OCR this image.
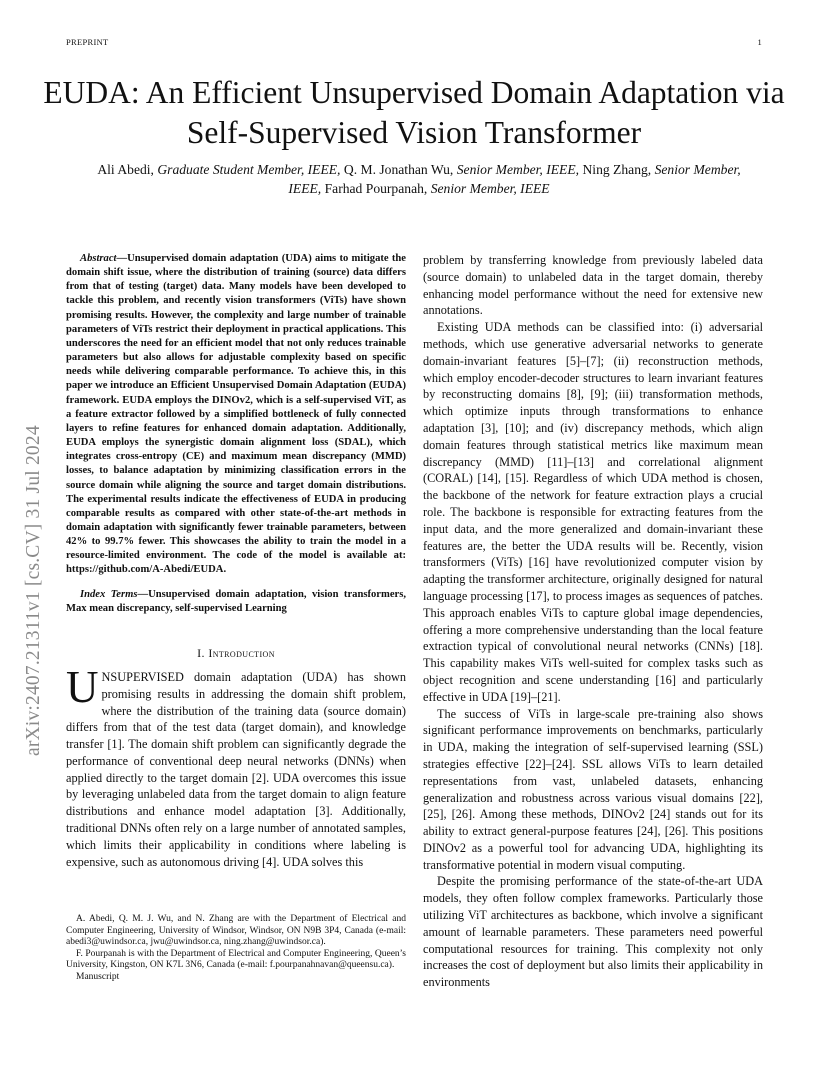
PREPRINT	1
arXiv:2407.21311v1 [cs.CV] 31 Jul 2024
EUDA: An Efficient Unsupervised Domain Adaptation via Self-Supervised Vision Transformer
Ali Abedi, Graduate Student Member, IEEE, Q. M. Jonathan Wu, Senior Member, IEEE, Ning Zhang, Senior Member, IEEE, Farhad Pourpanah, Senior Member, IEEE

Abstract—Unsupervised domain adaptation (UDA) aims to mitigate the domain shift issue, where the distribution of training (source) data differs from that of testing (target) data. Many models have been developed to tackle this problem, and recently vision transformers (ViTs) have shown promising results. However, the complexity and large number of trainable parameters of ViTs restrict their deployment in practical applications. This underscores the need for an efficient model that not only reduces trainable parameters but also allows for adjustable complexity based on specific needs while delivering comparable performance. To achieve this, in this paper we introduce an Efficient Unsupervised Domain Adaptation (EUDA) framework. EUDA employs the DINOv2, which is a self-supervised ViT, as a feature extractor followed by a simplified bottleneck of fully connected layers to refine features for enhanced domain adaptation. Additionally, EUDA employs the synergistic domain alignment loss (SDAL), which integrates cross-entropy (CE) and maximum mean discrepancy (MMD) losses, to balance adaptation by minimizing classification errors in the source domain while aligning the source and target domain distributions. The experimental results indicate the effectiveness of EUDA in producing comparable results as compared with other state-of-the-art methods in domain adaptation with significantly fewer trainable parameters, between 42% to 99.7% fewer. This showcases the ability to train the model in a resource-limited environment. The code of the model is available at: https://github.com/A-Abedi/EUDA.

Index Terms—Unsupervised domain adaptation, vision transformers, Max mean discrepancy, self-supervised Learning

I. Introduction
UNSUPERVISED domain adaptation (UDA) has shown promising results in addressing the domain shift problem, where the distribution of the training data (source domain) differs from that of the test data (target domain), and knowledge transfer [1]. The domain shift problem can significantly degrade the performance of conventional deep neural networks (DNNs) when applied directly to the target domain [2]. UDA overcomes this issue by leveraging unlabeled data from the target domain to align feature distributions and enhance model adaptation [3]. Additionally, traditional DNNs often rely on a large number of annotated samples, which limits their applicability in conditions where labeling is expensive, such as autonomous driving [4]. UDA solves this

A. Abedi, Q. M. J. Wu, and N. Zhang are with the Department of Electrical and Computer Engineering, University of Windsor, Windsor, ON N9B 3P4, Canada (e-mail: abedi3@uwindsor.ca, jwu@uwindsor.ca, ning.zhang@uwindsor.ca).

F. Pourpanah is with the Department of Electrical and Computer Engineering, Queen’s University, Kingston, ON K7L 3N6, Canada (e-mail: f.pourpanahnavan@queensu.ca).

Manuscript

problem by transferring knowledge from previously labeled data (source domain) to unlabeled data in the target domain, thereby enhancing model performance without the need for extensive new annotations.

Existing UDA methods can be classified into: (i) adversarial methods, which use generative adversarial networks to generate domain-invariant features [5]–[7]; (ii) reconstruction methods, which employ encoder-decoder structures to learn invariant features by reconstructing domains [8], [9]; (iii) transformation methods, which optimize inputs through transformations to enhance adaptation [3], [10]; and (iv) discrepancy methods, which align domain features through statistical metrics like maximum mean discrepancy (MMD) [11]–[13] and correlational alignment (CORAL) [14], [15]. Regardless of which UDA method is chosen, the backbone of the network for feature extraction plays a crucial role. The backbone is responsible for extracting features from the input data, and the more generalized and domain-invariant these features are, the better the UDA results will be. Recently, vision transformers (ViTs) [16] have revolutionized computer vision by adapting the transformer architecture, originally designed for natural language processing [17], to process images as sequences of patches. This approach enables ViTs to capture global image dependencies, offering a more comprehensive understanding than the local feature extraction typical of convolutional neural networks (CNNs) [18]. This capability makes ViTs well-suited for complex tasks such as object recognition and scene understanding [16] and particularly effective in UDA [19]–[21].

The success of ViTs in large-scale pre-training also shows significant performance improvements on benchmarks, particularly in UDA, making the integration of self-supervised learning (SSL) strategies effective [22]–[24]. SSL allows ViTs to learn detailed representations from vast, unlabeled datasets, enhancing generalization and robustness across various visual domains [22], [25], [26]. Among these methods, DINOv2 [24] stands out for its ability to extract general-purpose features [24], [26]. This positions DINOv2 as a powerful tool for advancing UDA, highlighting its transformative potential in modern visual computing.

Despite the promising performance of the state-of-the-art UDA models, they often follow complex frameworks. Particularly those utilizing ViT architectures as backbone, which involve a significant amount of learnable parameters. These parameters need powerful computational resources for training. This complexity not only increases the cost of deployment but also limits their applicability in environments
